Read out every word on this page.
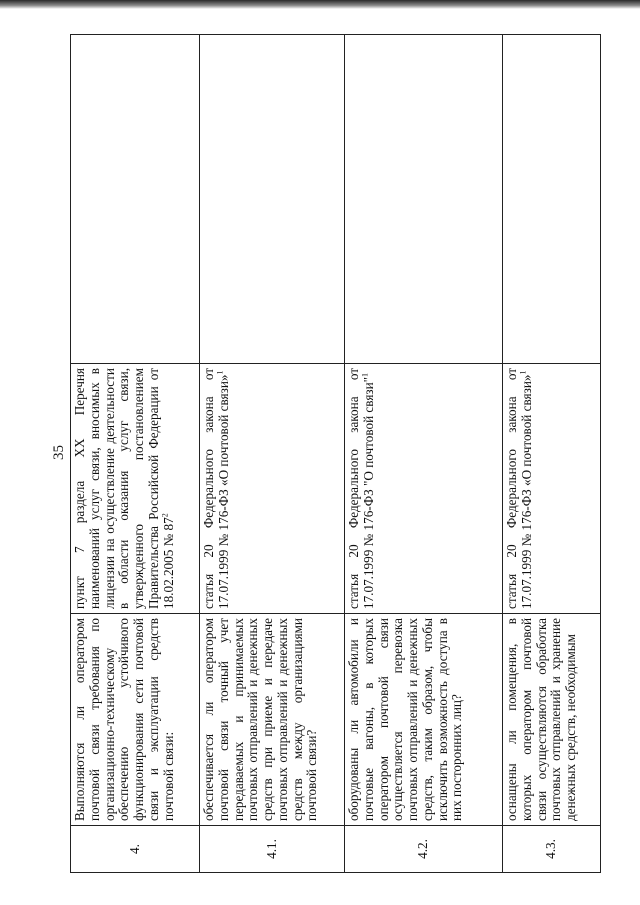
35
4.	Выполняются ли оператором почтовой связи требования по организационно-техническому обеспечению устойчивого функционирования сети почтовой связи и эксплуатации средств почтовой связи:	пункт 7 раздела XX Перечня наименований услуг связи, вносимых в лицензии на осуществление деятельности в области оказания услуг связи, утвержденного постановлением Правительства Российской Федерации от 18.02.2005 № $87^2$	
4.1.	обеспечивается ли оператором почтовой связи точный учет передаваемых и принимаемых почтовых отправлений и денежных средств при приеме и передаче почтовых отправлений и денежных средств между организациями почтовой связи?	статья 20 Федерального закона от 17.07.1999 № 176-ФЗ «О почтовой связи»$^1$	
4.2.	оборудованы ли автомобили и почтовые вагоны, в которых оператором почтовой связи осуществляется перевозка почтовых отправлений и денежных средств, таким образом, чтобы исключить возможность доступа в них посторонних лиц?	статья 20 Федерального закона от 17.07.1999 № 176-ФЗ "О почтовой связи"$^1$	
4.3.	оснащены ли помещения, в которых оператором почтовой связи осуществляются обработка почтовых отправлений и хранение денежных средств, необходимым	статья 20 Федерального закона от 17.07.1999 № 176-ФЗ «О почтовой связи»$^1$	
